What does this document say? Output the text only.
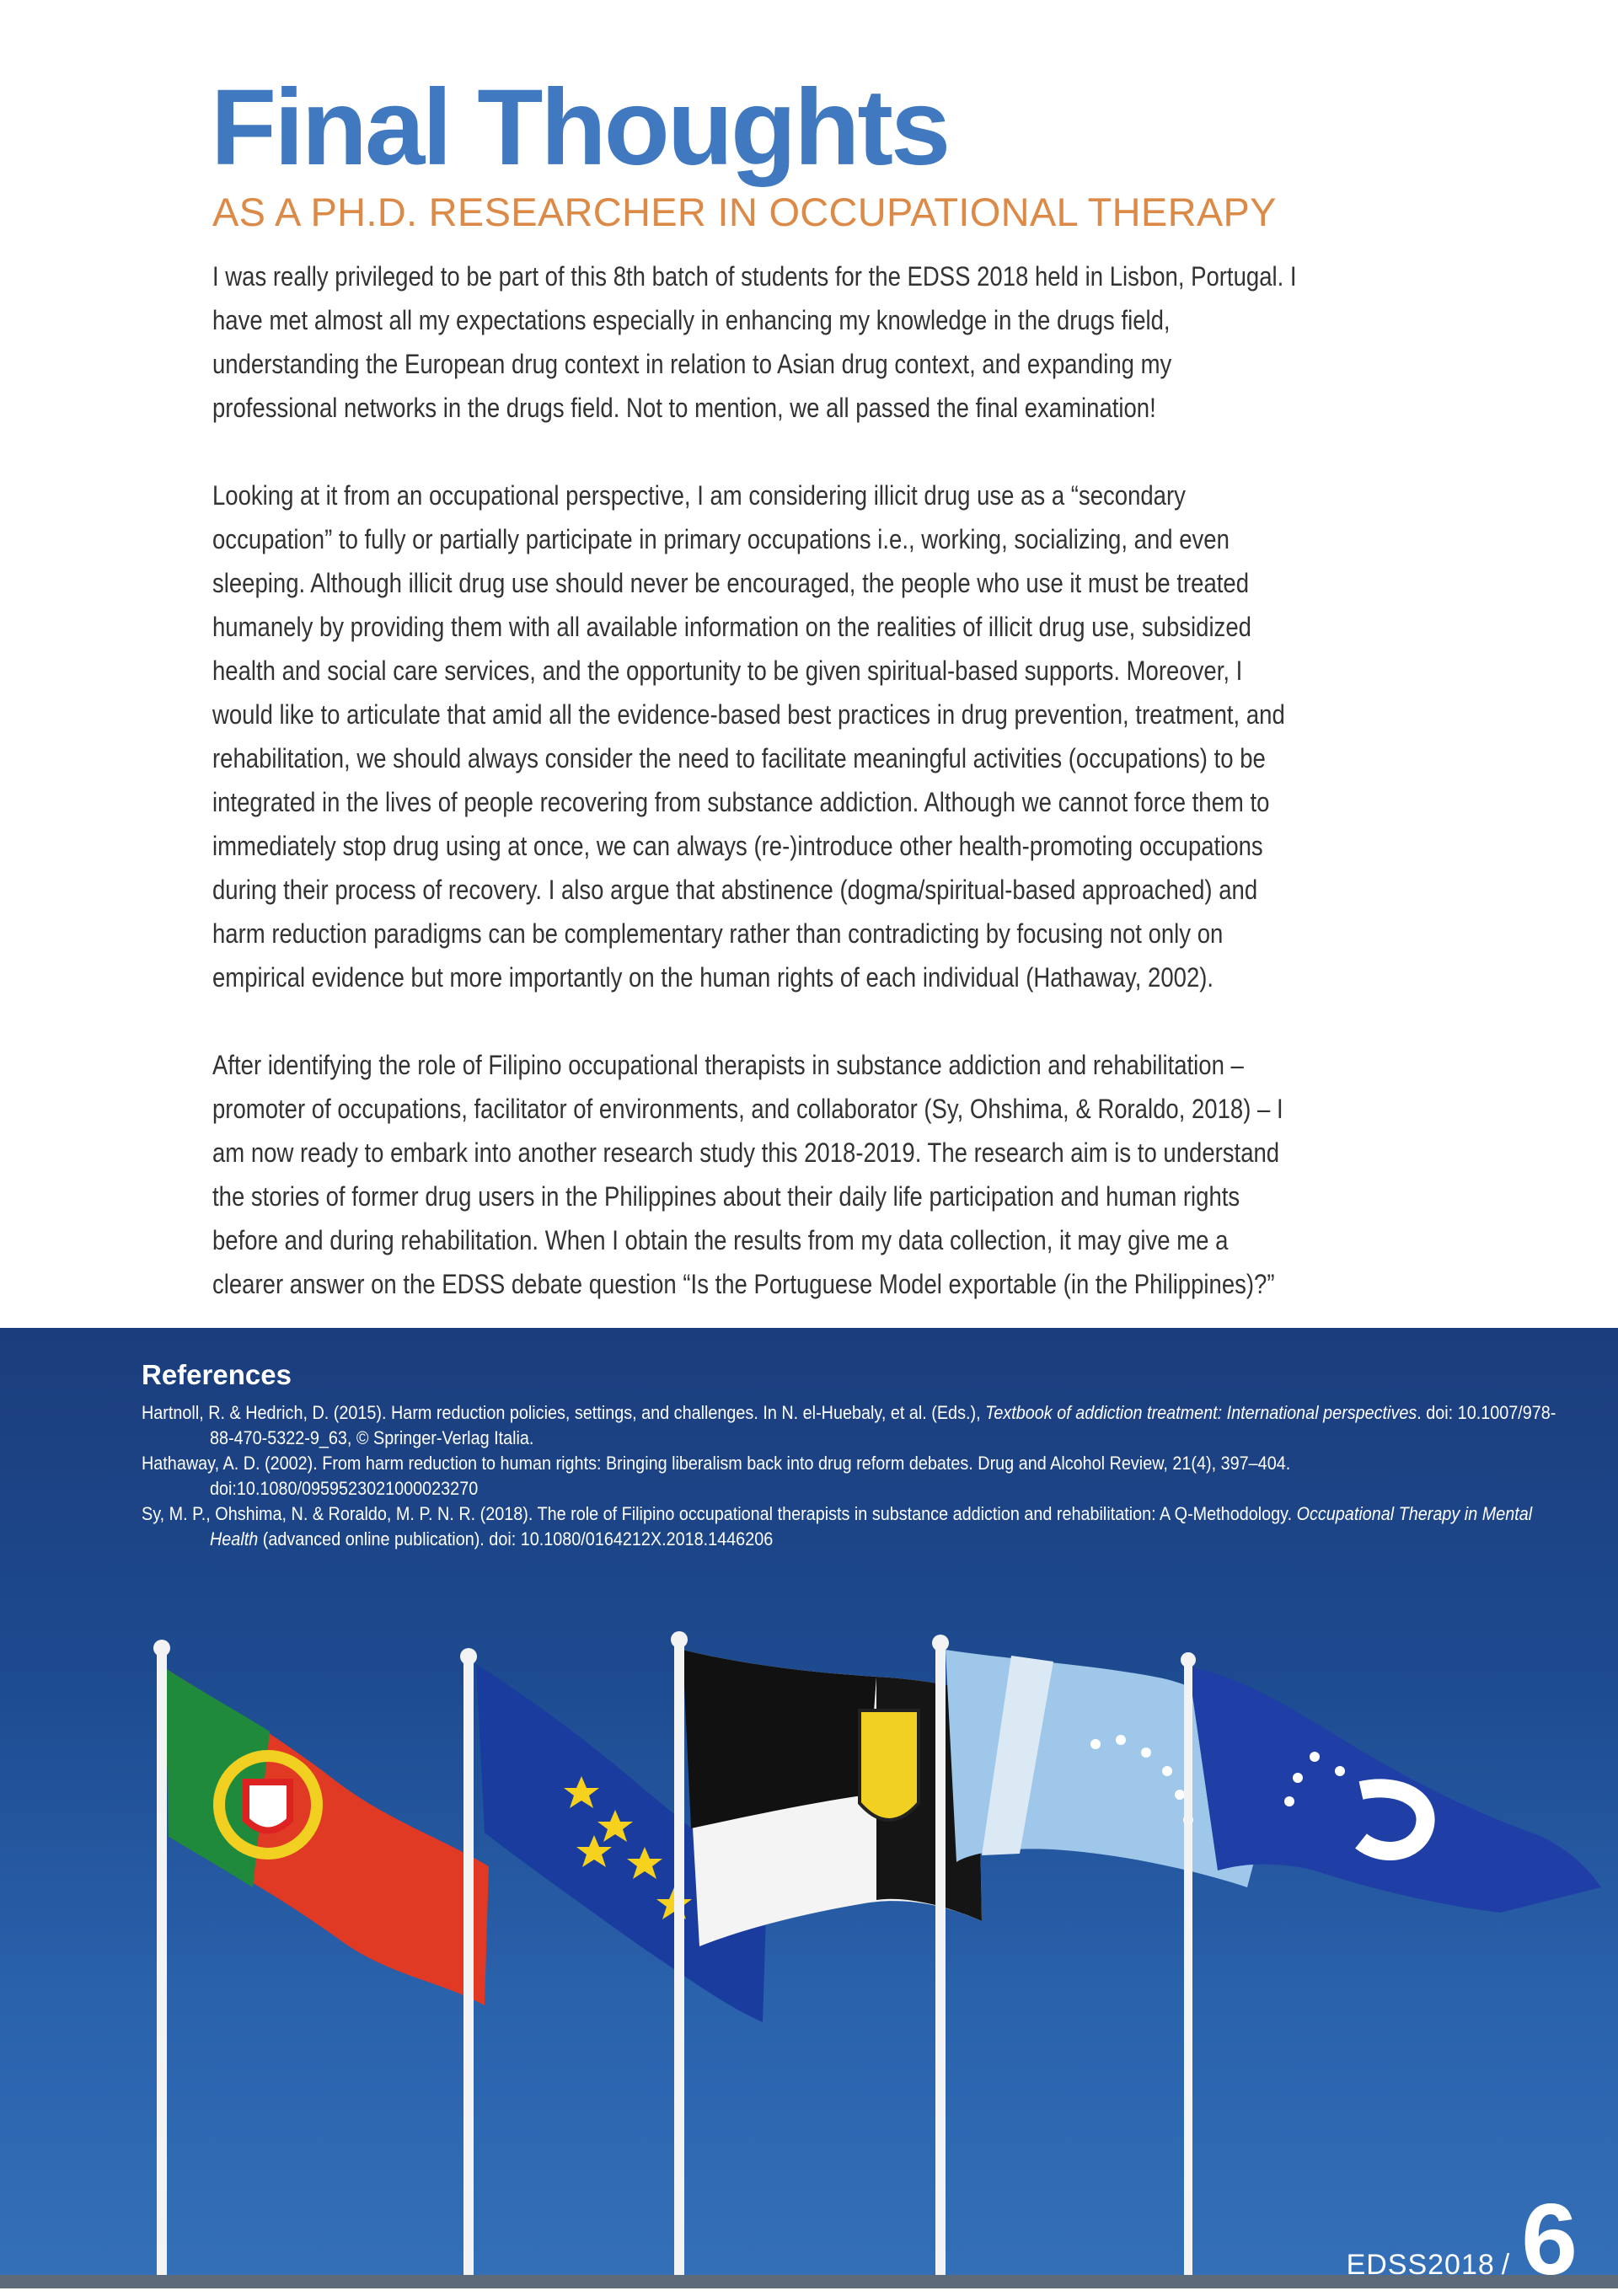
Final Thoughts
AS A PH.D. RESEARCHER IN OCCUPATIONAL THERAPY

I was really privileged to be part of this 8th batch of students for the EDSS 2018 held in Lisbon, Portugal. I
have met almost all my expectations especially in enhancing my knowledge in the drugs field,
understanding the European drug context in relation to Asian drug context, and expanding my
professional networks in the drugs field. Not to mention, we all passed the final examination!

Looking at it from an occupational perspective, I am considering illicit drug use as a “secondary
occupation” to fully or partially participate in primary occupations i.e., working, socializing, and even
sleeping. Although illicit drug use should never be encouraged, the people who use it must be treated
humanely by providing them with all available information on the realities of illicit drug use, subsidized
health and social care services, and the opportunity to be given spiritual-based supports. Moreover, I
would like to articulate that amid all the evidence-based best practices in drug prevention, treatment, and
rehabilitation, we should always consider the need to facilitate meaningful activities (occupations) to be
integrated in the lives of people recovering from substance addiction. Although we cannot force them to
immediately stop drug using at once, we can always (re-)introduce other health-promoting occupations
during their process of recovery. I also argue that abstinence (dogma/spiritual-based approached) and
harm reduction paradigms can be complementary rather than contradicting by focusing not only on
empirical evidence but more importantly on the human rights of each individual (Hathaway, 2002).

After identifying the role of Filipino occupational therapists in substance addiction and rehabilitation –
promoter of occupations, facilitator of environments, and collaborator (Sy, Ohshima, & Roraldo, 2018) – I
am now ready to embark into another research study this 2018-2019. The research aim is to understand
the stories of former drug users in the Philippines about their daily life participation and human rights
before and during rehabilitation. When I obtain the results from my data collection, it may give me a
clearer answer on the EDSS debate question “Is the Portuguese Model exportable (in the Philippines)?”

References

Hartnoll, R. & Hedrich, D. (2015). Harm reduction policies, settings, and challenges. In N. el-Huebaly, et al. (Eds.), Textbook of addiction treatment: International perspectives. doi: 10.1007/978-88-470-5322-9_63, © Springer-Verlag Italia.

Hathaway, A. D. (2002). From harm reduction to human rights: Bringing liberalism back into drug reform debates. Drug and Alcohol Review, 21(4), 397–404. doi:10.1080/0959523021000023270

Sy, M. P., Ohshima, N. & Roraldo, M. P. N. R. (2018). The role of Filipino occupational therapists in substance addiction and rehabilitation: A Q-Methodology. Occupational Therapy in Mental Health (advanced online publication). doi: 10.1080/0164212X.2018.1446206

EDSS2018 / 6
